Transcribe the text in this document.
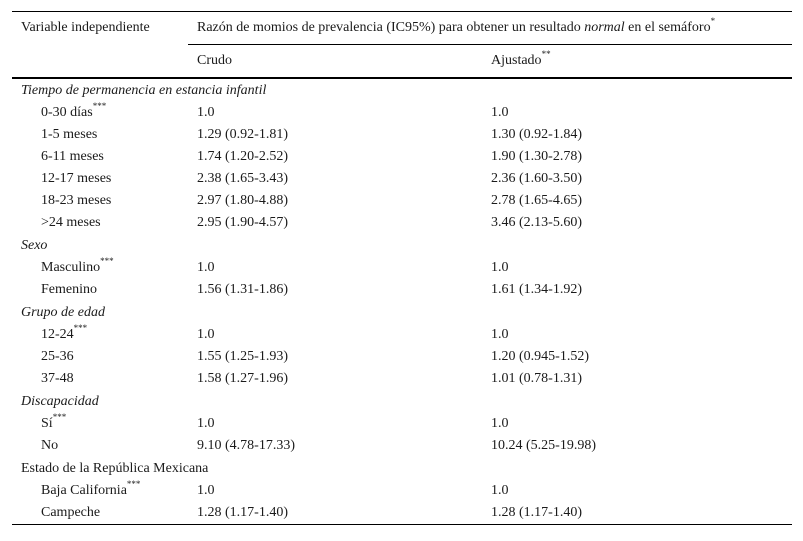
Variable independiente	Razón de momios de prevalencia (IC95%) para obtener un resultado normal en el semáforo*
	Crudo	Ajustado**
Tiempo de permanencia en estancia infantil		
0-30 días***	1.0	1.0
1-5 meses	1.29 (0.92-1.81)	1.30 (0.92-1.84)
6-11 meses	1.74 (1.20-2.52)	1.90 (1.30-2.78)
12-17 meses	2.38 (1.65-3.43)	2.36 (1.60-3.50)
18-23 meses	2.97 (1.80-4.88)	2.78 (1.65-4.65)
>24 meses	2.95 (1.90-4.57)	3.46 (2.13-5.60)
Sexo		
Masculino***	1.0	1.0
Femenino	1.56 (1.31-1.86)	1.61 (1.34-1.92)
Grupo de edad		
12-24***	1.0	1.0
25-36	1.55 (1.25-1.93)	1.20 (0.945-1.52)
37-48	1.58 (1.27-1.96)	1.01 (0.78-1.31)
Discapacidad		
Sí***	1.0	1.0
No	9.10 (4.78-17.33)	10.24 (5.25-19.98)
Estado de la República Mexicana		
Baja California***	1.0	1.0
Campeche	1.28 (1.17-1.40)	1.28 (1.17-1.40)
